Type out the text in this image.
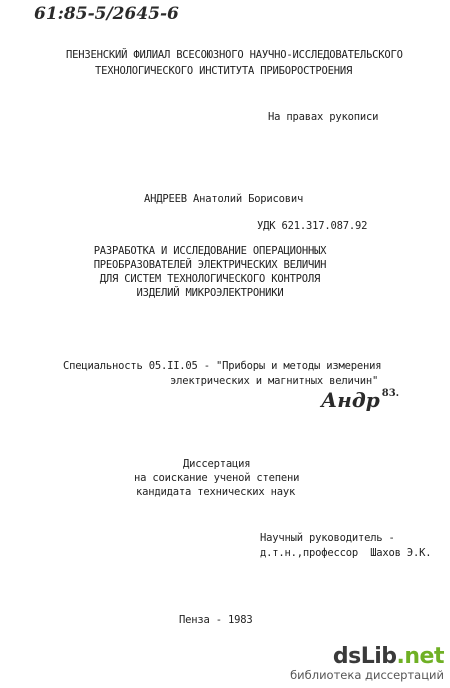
61:85-5/2645-6
ПЕНЗЕНСКИЙ ФИЛИАЛ ВСЕСОЮЗНОГО НАУЧНО-ИССЛЕДОВАТЕЛЬСКОГО
ТЕХНОЛОГИЧЕСКОГО ИНСТИТУТА ПРИБОРОСТРОЕНИЯ
На правах рукописи
АНДРЕЕВ Анатолий Борисович
УДК 621.317.087.92
РАЗРАБОТКА И ИССЛЕДОВАНИЕ ОПЕРАЦИОННЫХ
ПРЕОБРАЗОВАТЕЛЕЙ ЭЛЕКТРИЧЕСКИХ ВЕЛИЧИН
ДЛЯ СИСТЕМ ТЕХНОЛОГИЧЕСКОГО КОНТРОЛЯ
ИЗДЕЛИЙ МИКРОЭЛЕКТРОНИКИ
Специальность 05.II.05 - "Приборы и методы измерения
электрических и магнитных величин"
Андр $^{83.}$
Диссертация
на соискание ученой степени
кандидата технических наук
Научный руководитель -
д.т.н.,профессор  Шахов Э.К.
Пенза - 1983
dsLib.net
библиотека диссертаций
